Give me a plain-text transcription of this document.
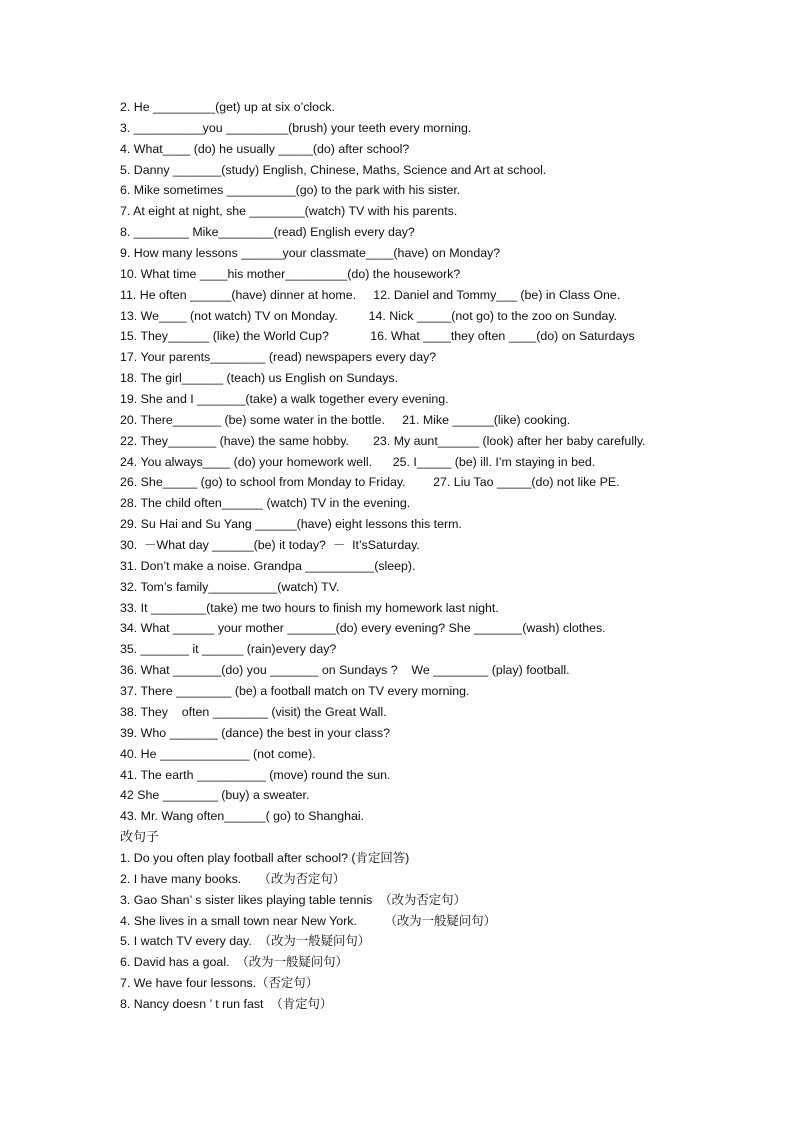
2. He _________(get) up at six o’clock.
3. __________you _________(brush) your teeth every morning.
4. What____ (do) he usually _____(do) after school?
5. Danny _______(study) English, Chinese, Maths, Science and Art at school.
6. Mike sometimes __________(go) to the park with his sister.
7. At eight at night, she ________(watch) TV with his parents.
8. ________ Mike________(read) English every day?
9. How many lessons ______your classmate____(have) on Monday?
10. What time ____his mother_________(do) the housework?
11. He often ______(have) dinner at home.     12. Daniel and Tommy___ (be) in Class One.
13. We____ (not watch) TV on Monday.         14. Nick _____(not go) to the zoo on Sunday.
15. They______ (like) the World Cup?            16. What ____they often ____(do) on Saturdays
17. Your parents________ (read) newspapers every day?
18. The girl______ (teach) us English on Sundays.
19. She and I _______(take) a walk together every evening.
20. There_______ (be) some water in the bottle.     21. Mike ______(like) cooking.
22. They_______ (have) the same hobby.       23. My aunt______ (look) after her baby carefully.
24. You always____ (do) your homework well.      25. I_____ (be) ill. I’m staying in bed.
26. She_____ (go) to school from Monday to Friday.        27. Liu Tao _____(do) not like PE.
28. The child often______ (watch) TV in the evening.
29. Su Hai and Su Yang ______(have) eight lessons this term.
30.  －What day ______(be) it today?  －  It’sSaturday.
31. Don’t make a noise. Grandpa __________(sleep).
32. Tom’s family__________(watch) TV.
33. It ________(take) me two hours to finish my homework last night.
34. What ______ your mother _______(do) every evening? She _______(wash) clothes.
35. _______ it ______ (rain)every day?
36. What _______(do) you _______ on Sundays ?    We ________ (play) football.
37. There ________ (be) a football match on TV every morning.
38. They    often ________ (visit) the Great Wall.
39. Who _______ (dance) the best in your class?
40. He _____________ (not come).
41. The earth __________ (move) round the sun.
42 She ________ (buy) a sweater.
43. Mr. Wang often______( go) to Shanghai.
改句子
1. Do you often play football after school? (肯定回答)
2. I have many books.     （改为否定句）
3. Gao Shan’ s sister likes playing table tennis  （改为否定句）
4. She lives in a small town near New York.        （改为一般疑问句）
5. I watch TV every day.  （改为一般疑问句）
6. David has a goal.  （改为一般疑问句）
7. We have four lessons.（否定句）
8. Nancy doesn ’ t run fast  （肯定句）
